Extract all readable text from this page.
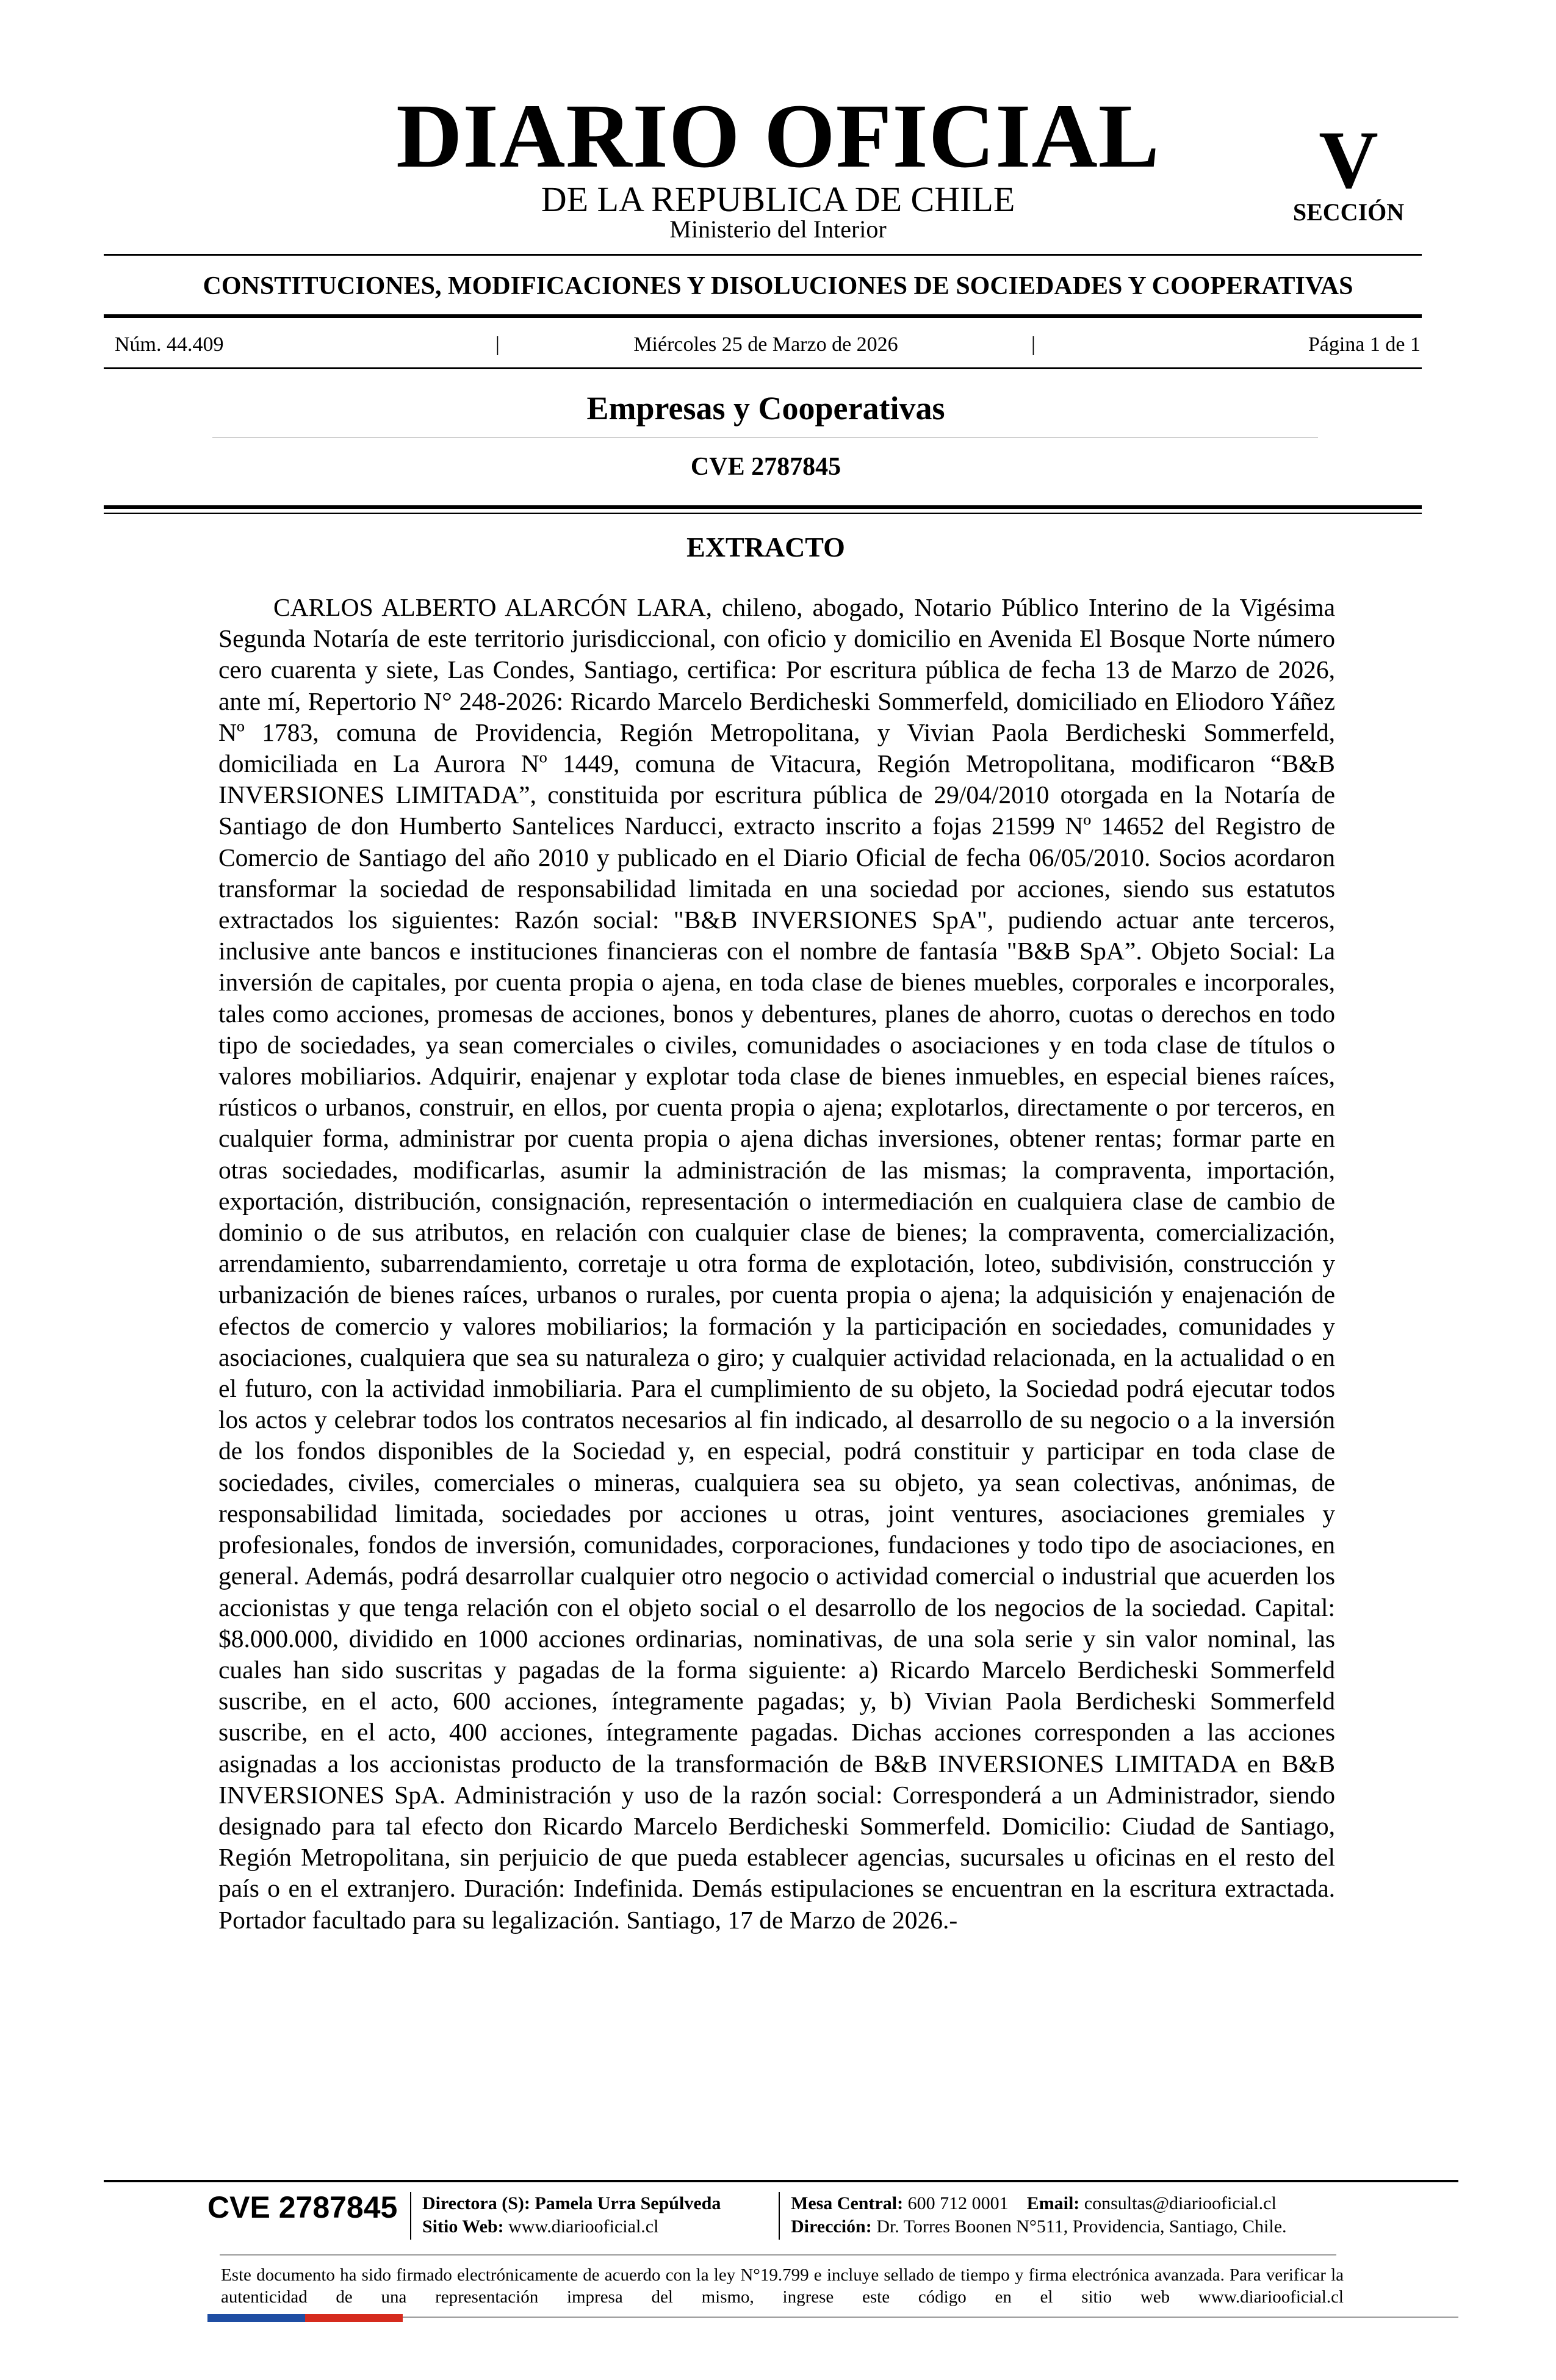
DIARIO OFICIAL
DE LA REPUBLICA DE CHILE
Ministerio del Interior
V
SECCIÓN
CONSTITUCIONES, MODIFICACIONES Y DISOLUCIONES DE SOCIEDADES Y COOPERATIVAS
Núm. 44.409	|	Miércoles 25 de Marzo de 2026	|	Página 1 de 1
Empresas y Cooperativas
CVE 2787845
EXTRACTO

CARLOS ALBERTO ALARCÓN LARA, chileno, abogado, Notario Público Interino de la Vigésima Segunda Notaría de este territorio jurisdiccional, con oficio y domicilio en Avenida El Bosque Norte número cero cuarenta y siete, Las Condes, Santiago, certifica: Por escritura pública de fecha 13 de Marzo de 2026, ante mí, Repertorio N° 248-2026: Ricardo Marcelo Berdicheski Sommerfeld, domiciliado en Eliodoro Yáñez Nº 1783, comuna de Providencia, Región Metropolitana, y Vivian Paola Berdicheski Sommerfeld, domiciliada en La Aurora Nº 1449, comuna de Vitacura, Región Metropolitana, modificaron “B&B INVERSIONES LIMITADA”, constituida por escritura pública de 29/04/2010 otorgada en la Notaría de Santiago de don Humberto Santelices Narducci, extracto inscrito a fojas 21599 Nº 14652 del Registro de Comercio de Santiago del año 2010 y publicado en el Diario Oficial de fecha 06/05/2010. Socios acordaron transformar la sociedad de responsabilidad limitada en una sociedad por acciones, siendo sus estatutos extractados los siguientes: Razón social: "B&B INVERSIONES SpA", pudiendo actuar ante terceros, inclusive ante bancos e instituciones financieras con el nombre de fantasía "B&B SpA”. Objeto Social: La inversión de capitales, por cuenta propia o ajena, en toda clase de bienes muebles, corporales e incorporales, tales como acciones, promesas de acciones, bonos y debentures, planes de ahorro, cuotas o derechos en todo tipo de sociedades, ya sean comerciales o civiles, comunidades o asociaciones y en toda clase de títulos o valores mobiliarios. Adquirir, enajenar y explotar toda clase de bienes inmuebles, en especial bienes raíces, rústicos o urbanos, construir, en ellos, por cuenta propia o ajena; explotarlos, directamente o por terceros, en cualquier forma, administrar por cuenta propia o ajena dichas inversiones, obtener rentas; formar parte en otras sociedades, modificarlas, asumir la administración de las mismas; la compraventa, importación, exportación, distribución, consignación, representación o intermediación en cualquiera clase de cambio de dominio o de sus atributos, en relación con cualquier clase de bienes; la compraventa, comercialización, arrendamiento, subarrendamiento, corretaje u otra forma de explotación, loteo, subdivisión, construcción y urbanización de bienes raíces, urbanos o rurales, por cuenta propia o ajena; la adquisición y enajenación de efectos de comercio y valores mobiliarios; la formación y la participación en sociedades, comunidades y asociaciones, cualquiera que sea su naturaleza o giro; y cualquier actividad relacionada, en la actualidad o en el futuro, con la actividad inmobiliaria. Para el cumplimiento de su objeto, la Sociedad podrá ejecutar todos los actos y celebrar todos los contratos necesarios al fin indicado, al desarrollo de su negocio o a la inversión de los fondos disponibles de la Sociedad y, en especial, podrá constituir y participar en toda clase de sociedades, civiles, comerciales o mineras, cualquiera sea su objeto, ya sean colectivas, anónimas, de responsabilidad limitada, sociedades por acciones u otras, joint ventures, asociaciones gremiales y profesionales, fondos de inversión, comunidades, corporaciones, fundaciones y todo tipo de asociaciones, en general. Además, podrá desarrollar cualquier otro negocio o actividad comercial o industrial que acuerden los accionistas y que tenga relación con el objeto social o el desarrollo de los negocios de la sociedad. Capital: $8.000.000, dividido en 1000 acciones ordinarias, nominativas, de una sola serie y sin valor nominal, las cuales han sido suscritas y pagadas de la forma siguiente: a) Ricardo Marcelo Berdicheski Sommerfeld suscribe, en el acto, 600 acciones, íntegramente pagadas; y, b) Vivian Paola Berdicheski Sommerfeld suscribe, en el acto, 400 acciones, íntegramente pagadas. Dichas acciones corresponden a las acciones asignadas a los accionistas producto de la transformación de B&B INVERSIONES LIMITADA en B&B INVERSIONES SpA. Administración y uso de la razón social: Corresponderá a un Administrador, siendo designado para tal efecto don Ricardo Marcelo Berdicheski Sommerfeld. Domicilio: Ciudad de Santiago, Región Metropolitana, sin perjuicio de que pueda establecer agencias, sucursales u oficinas en el resto del país o en el extranjero. Duración: Indefinida. Demás estipulaciones se encuentran en la escritura extractada. Portador facultado para su legalización. Santiago, 17 de Marzo de 2026.-

CVE 2787845 Directora (S): Pamela Urra Sepúlveda
Sitio Web: www.diariooficial.cl
Mesa Central: 600 712 0001 Email: consultas@diariooficial.cl
Dirección: Dr. Torres Boonen N°511, Providencia, Santiago, Chile.

Este documento ha sido firmado electrónicamente de acuerdo con la ley N°19.799 e incluye sellado de tiempo y firma electrónica avanzada. Para verificar la autenticidad de una representación impresa del mismo, ingrese este código en el sitio web www.diariooficial.cl
